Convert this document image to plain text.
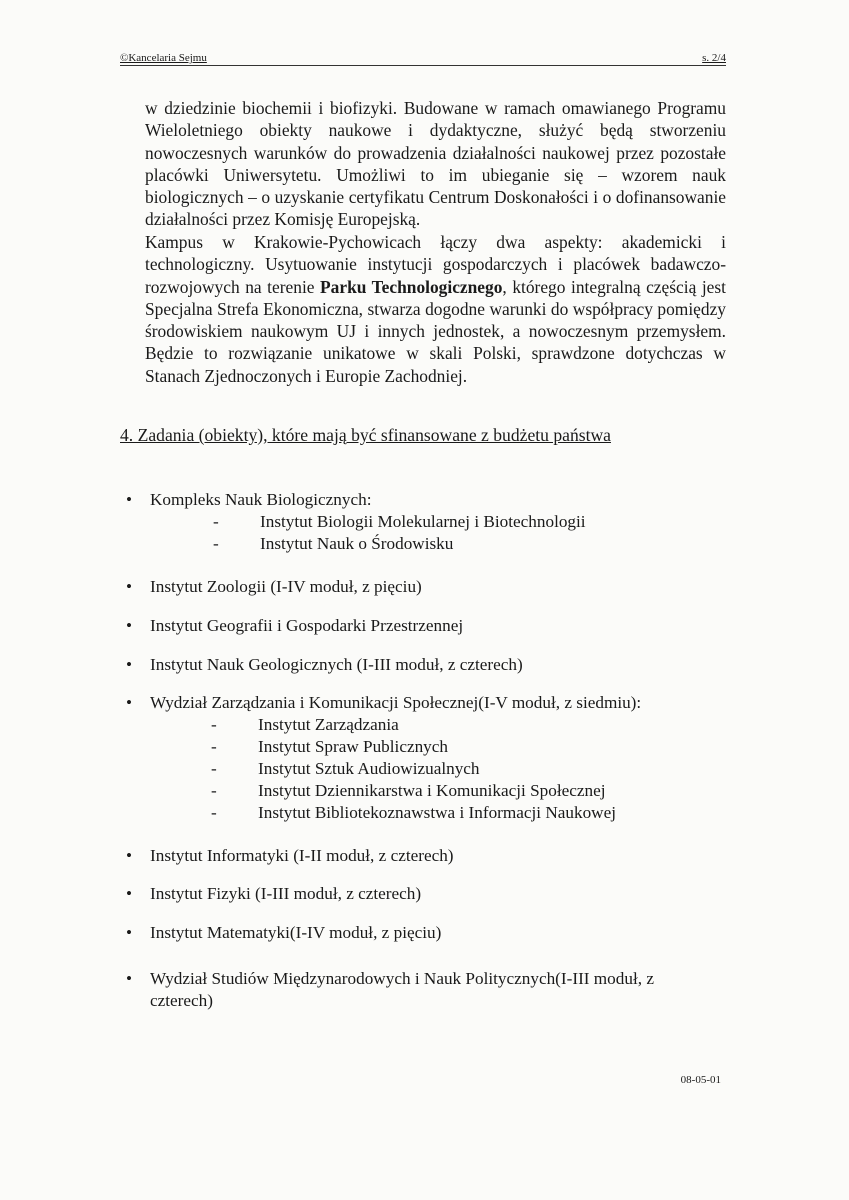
©Kancelaria Sejmu	s. 2/4

w dziedzinie biochemii i biofizyki. Budowane w ramach omawianego Programu Wieloletniego obiekty naukowe i dydaktyczne, służyć będą stworzeniu nowoczesnych warunków do prowadzenia działalności naukowej przez pozostałe placówki Uniwersytetu. Umożliwi to im ubieganie się – wzorem nauk biologicznych – o uzyskanie certyfikatu Centrum Doskonałości i o dofinansowanie działalności przez Komisję Europejską.

Kampus w Krakowie-Pychowicach łączy dwa aspekty: akademicki i technologiczny. Usytuowanie instytucji gospodarczych i placówek badawczo-rozwojowych na terenie Parku Technologicznego, którego integralną częścią jest Specjalna Strefa Ekonomiczna, stwarza dogodne warunki do współpracy pomiędzy środowiskiem naukowym UJ i innych jednostek, a nowoczesnym przemysłem. Będzie to rozwiązanie unikatowe w skali Polski, sprawdzone dotychczas w Stanach Zjednoczonych i Europie Zachodniej.

4. Zadania (obiekty), które mają być sfinansowane z budżetu państwa
• Kompleks Nauk Biologicznych:
- Instytut Biologii Molekularnej i Biotechnologii
- Instytut Nauk o Środowisku
• Instytut Zoologii (I-IV moduł, z pięciu)
• Instytut Geografii i Gospodarki Przestrzennej
• Instytut Nauk Geologicznych (I-III moduł, z czterech)
• Wydział Zarządzania i Komunikacji Społecznej(I-V moduł, z siedmiu):
- Instytut Zarządzania
- Instytut Spraw Publicznych
- Instytut Sztuk Audiowizualnych
- Instytut Dziennikarstwa i Komunikacji Społecznej
- Instytut Bibliotekoznawstwa i Informacji Naukowej
• Instytut Informatyki (I-II moduł, z czterech)
• Instytut Fizyki (I-III moduł, z czterech)
• Instytut Matematyki(I-IV moduł, z pięciu)
• Wydział Studiów Międzynarodowych i Nauk Politycznych(I-III moduł, z
czterech)
08-05-01
